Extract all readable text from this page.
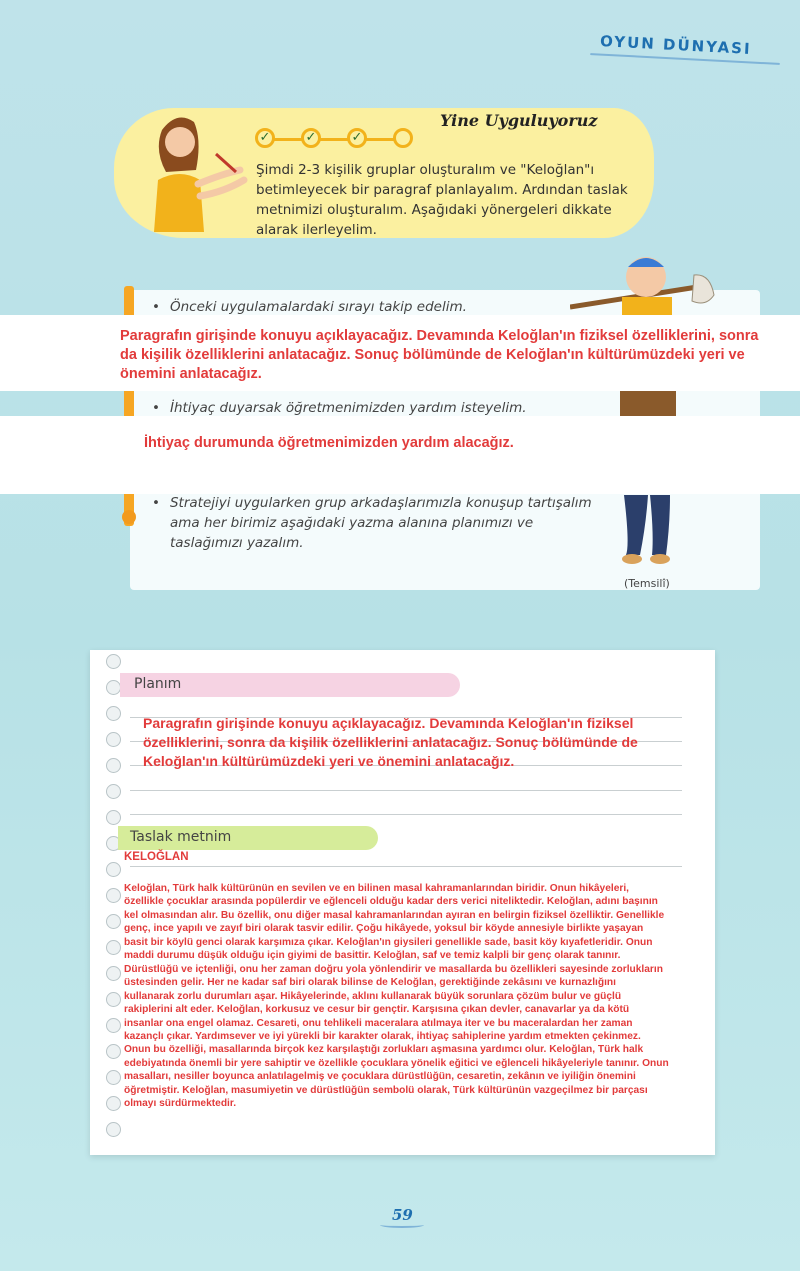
OYUN DÜNYASI
Yine Uyguluyoruz
✓	✓	✓
Şimdi 2-3 kişilik gruplar oluşturalım ve "Keloğlan"ı betimleyecek bir paragraf planlayalım. Ardından taslak metnimizi oluşturalım. Aşağıdaki yönergeleri dikkate alarak ilerleyelim.
• Önceki uygulamalardaki sırayı takip edelim.
• İhtiyaç duyarsak öğretmenimizden yardım isteyelim.
• Stratejiyi uygularken grup arkadaşlarımızla konuşup tartışalım ama her birimiz aşağıdaki yazma alanına planımızı ve taslağımızı yazalım.
(Temsilî)
Paragrafın girişinde konuyu açıklayacağız. Devamında Keloğlan'ın fiziksel özelliklerini, sonra da kişilik özelliklerini anlatacağız. Sonuç bölümünde de Keloğlan'ın kültürümüzdeki yeri ve önemini anlatacağız.
İhtiyaç durumunda öğretmenimizden yardım alacağız.
Planım
Paragrafın girişinde konuyu açıklayacağız. Devamında Keloğlan'ın fiziksel özelliklerini, sonra da kişilik özelliklerini anlatacağız. Sonuç bölümünde de Keloğlan'ın kültürümüzdeki yeri ve önemini anlatacağız.
Taslak metnim
KELOĞLAN
Keloğlan, Türk halk kültürünün en sevilen ve en bilinen masal kahramanlarından biridir. Onun hikâyeleri, özellikle çocuklar arasında popülerdir ve eğlenceli olduğu kadar ders verici niteliktedir. Keloğlan, adını başının kel olmasından alır. Bu özellik, onu diğer masal kahramanlarından ayıran en belirgin fiziksel özelliktir. Genellikle genç, ince yapılı ve zayıf biri olarak tasvir edilir. Çoğu hikâyede, yoksul bir köyde annesiyle birlikte yaşayan basit bir köylü genci olarak karşımıza çıkar. Keloğlan'ın giysileri genellikle sade, basit köy kıyafetleridir. Onun maddi durumu düşük olduğu için giyimi de basittir. Keloğlan, saf ve temiz kalpli bir genç olarak tanınır. Dürüstlüğü ve içtenliği, onu her zaman doğru yola yönlendirir ve masallarda bu özellikleri sayesinde zorlukların üstesinden gelir. Her ne kadar saf biri olarak bilinse de Keloğlan, gerektiğinde zekâsını ve kurnazlığını kullanarak zorlu durumları aşar. Hikâyelerinde, aklını kullanarak büyük sorunlara çözüm bulur ve güçlü rakiplerini alt eder. Keloğlan, korkusuz ve cesur bir gençtir. Karşısına çıkan devler, canavarlar ya da kötü insanlar ona engel olamaz. Cesareti, onu tehlikeli maceralara atılmaya iter ve bu maceralardan her zaman kazançlı çıkar. Yardımsever ve iyi yürekli bir karakter olarak, ihtiyaç sahiplerine yardım etmekten çekinmez. Onun bu özelliği, masallarında birçok kez karşılaştığı zorlukları aşmasına yardımcı olur. Keloğlan, Türk halk edebiyatında önemli bir yere sahiptir ve özellikle çocuklara yönelik eğitici ve eğlenceli hikâyeleriyle tanınır. Onun masalları, nesiller boyunca anlatılagelmiş ve çocuklara dürüstlüğün, cesaretin, zekânın ve iyiliğin önemini öğretmiştir. Keloğlan, masumiyetin ve dürüstlüğün sembolü olarak, Türk kültürünün vazgeçilmez bir parçası olmayı sürdürmektedir.
59
